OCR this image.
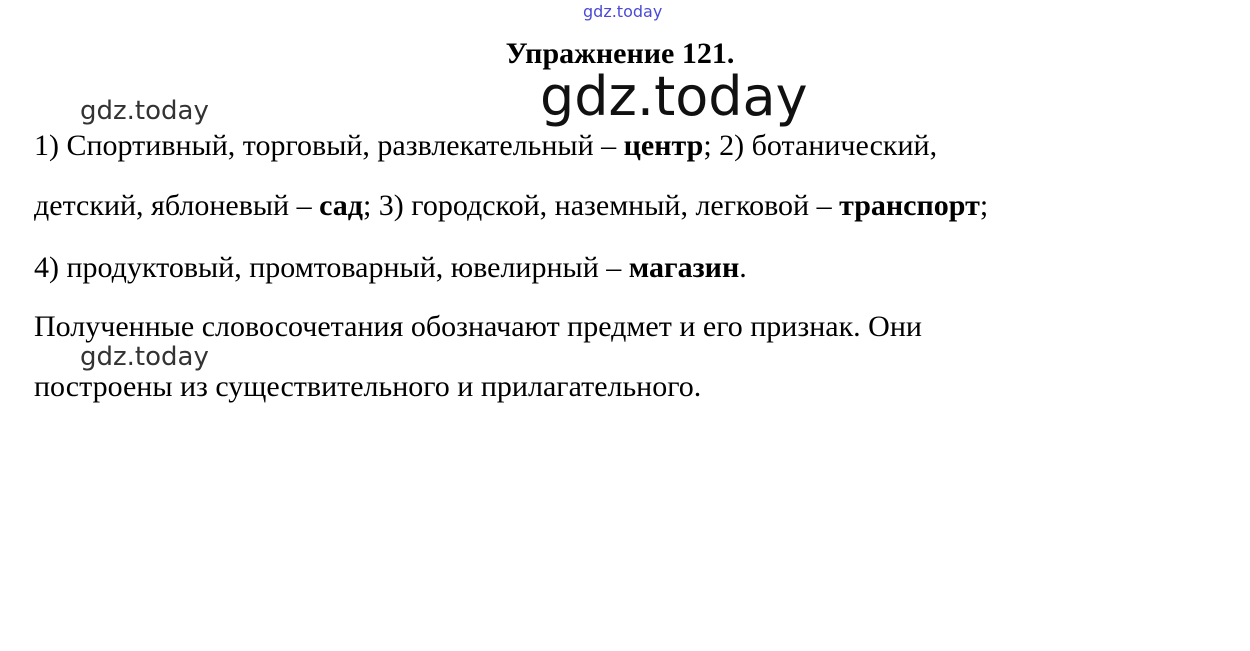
gdz.today
Упражнение 121.
gdz.today
gdz.today
1) Спортивный, торговый, развлекательный – центр; 2) ботанический,
детский, яблоневый – сад; 3) городской, наземный, легковой – транспорт;
4) продуктовый, промтоварный, ювелирный – магазин.
Полученные словосочетания обозначают предмет и его признак. Они
gdz.today
построены из существительного и прилагательного.
